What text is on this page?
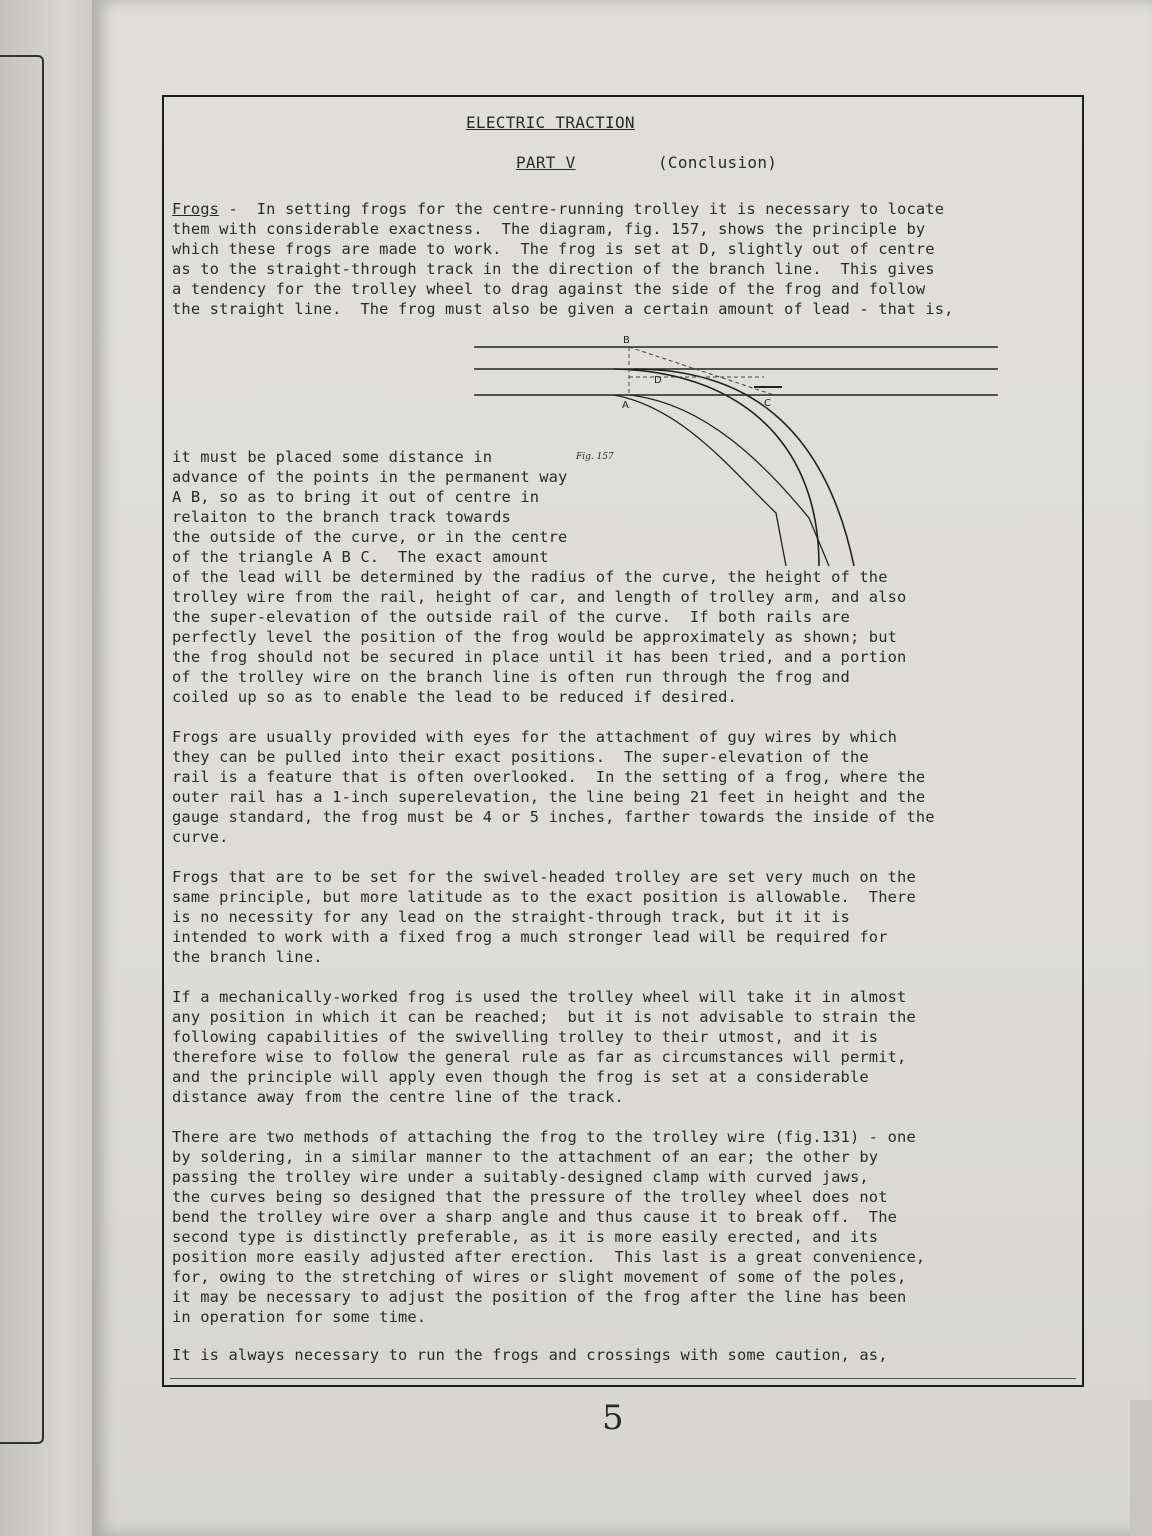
ELECTRIC TRACTION
PART V	(Conclusion)
Frogs -  In setting frogs for the centre-running trolley it is necessary to locate
them with considerable exactness.  The diagram, fig. 157, shows the principle by
which these frogs are made to work.  The frog is set at D, slightly out of centre
as to the straight-through track in the direction of the branch line.  This gives
a tendency for the trolley wheel to drag against the side of the frog and follow
the straight line.  The frog must also be given a certain amount of lead - that is,
B
D
A	C
Fig. 157
it must be placed some distance in
advance of the points in the permanent way
A B, so as to bring it out of centre in
relaiton to the branch track towards
the outside of the curve, or in the centre
of the triangle A B C.  The exact amount
of the lead will be determined by the radius of the curve, the height of the
trolley wire from the rail, height of car, and length of trolley arm, and also
the super-elevation of the outside rail of the curve.  If both rails are
perfectly level the position of the frog would be approximately as shown; but
the frog should not be secured in place until it has been tried, and a portion
of the trolley wire on the branch line is often run through the frog and
coiled up so as to enable the lead to be reduced if desired.
Frogs are usually provided with eyes for the attachment of guy wires by which
they can be pulled into their exact positions.  The super-elevation of the
rail is a feature that is often overlooked.  In the setting of a frog, where the
outer rail has a 1-inch superelevation, the line being 21 feet in height and the
gauge standard, the frog must be 4 or 5 inches, farther towards the inside of the
curve.
Frogs that are to be set for the swivel-headed trolley are set very much on the
same principle, but more latitude as to the exact position is allowable.  There
is no necessity for any lead on the straight-through track, but it it is
intended to work with a fixed frog a much stronger lead will be required for
the branch line.
If a mechanically-worked frog is used the trolley wheel will take it in almost
any position in which it can be reached;  but it is not advisable to strain the
following capabilities of the swivelling trolley to their utmost, and it is
therefore wise to follow the general rule as far as circumstances will permit,
and the principle will apply even though the frog is set at a considerable
distance away from the centre line of the track.
There are two methods of attaching the frog to the trolley wire (fig.131) - one
by soldering, in a similar manner to the attachment of an ear; the other by
passing the trolley wire under a suitably-designed clamp with curved jaws,
the curves being so designed that the pressure of the trolley wheel does not
bend the trolley wire over a sharp angle and thus cause it to break off.  The
second type is distinctly preferable, as it is more easily erected, and its
position more easily adjusted after erection.  This last is a great convenience,
for, owing to the stretching of wires or slight movement of some of the poles,
it may be necessary to adjust the position of the frog after the line has been
in operation for some time.
It is always necessary to run the frogs and crossings with some caution, as,
5
